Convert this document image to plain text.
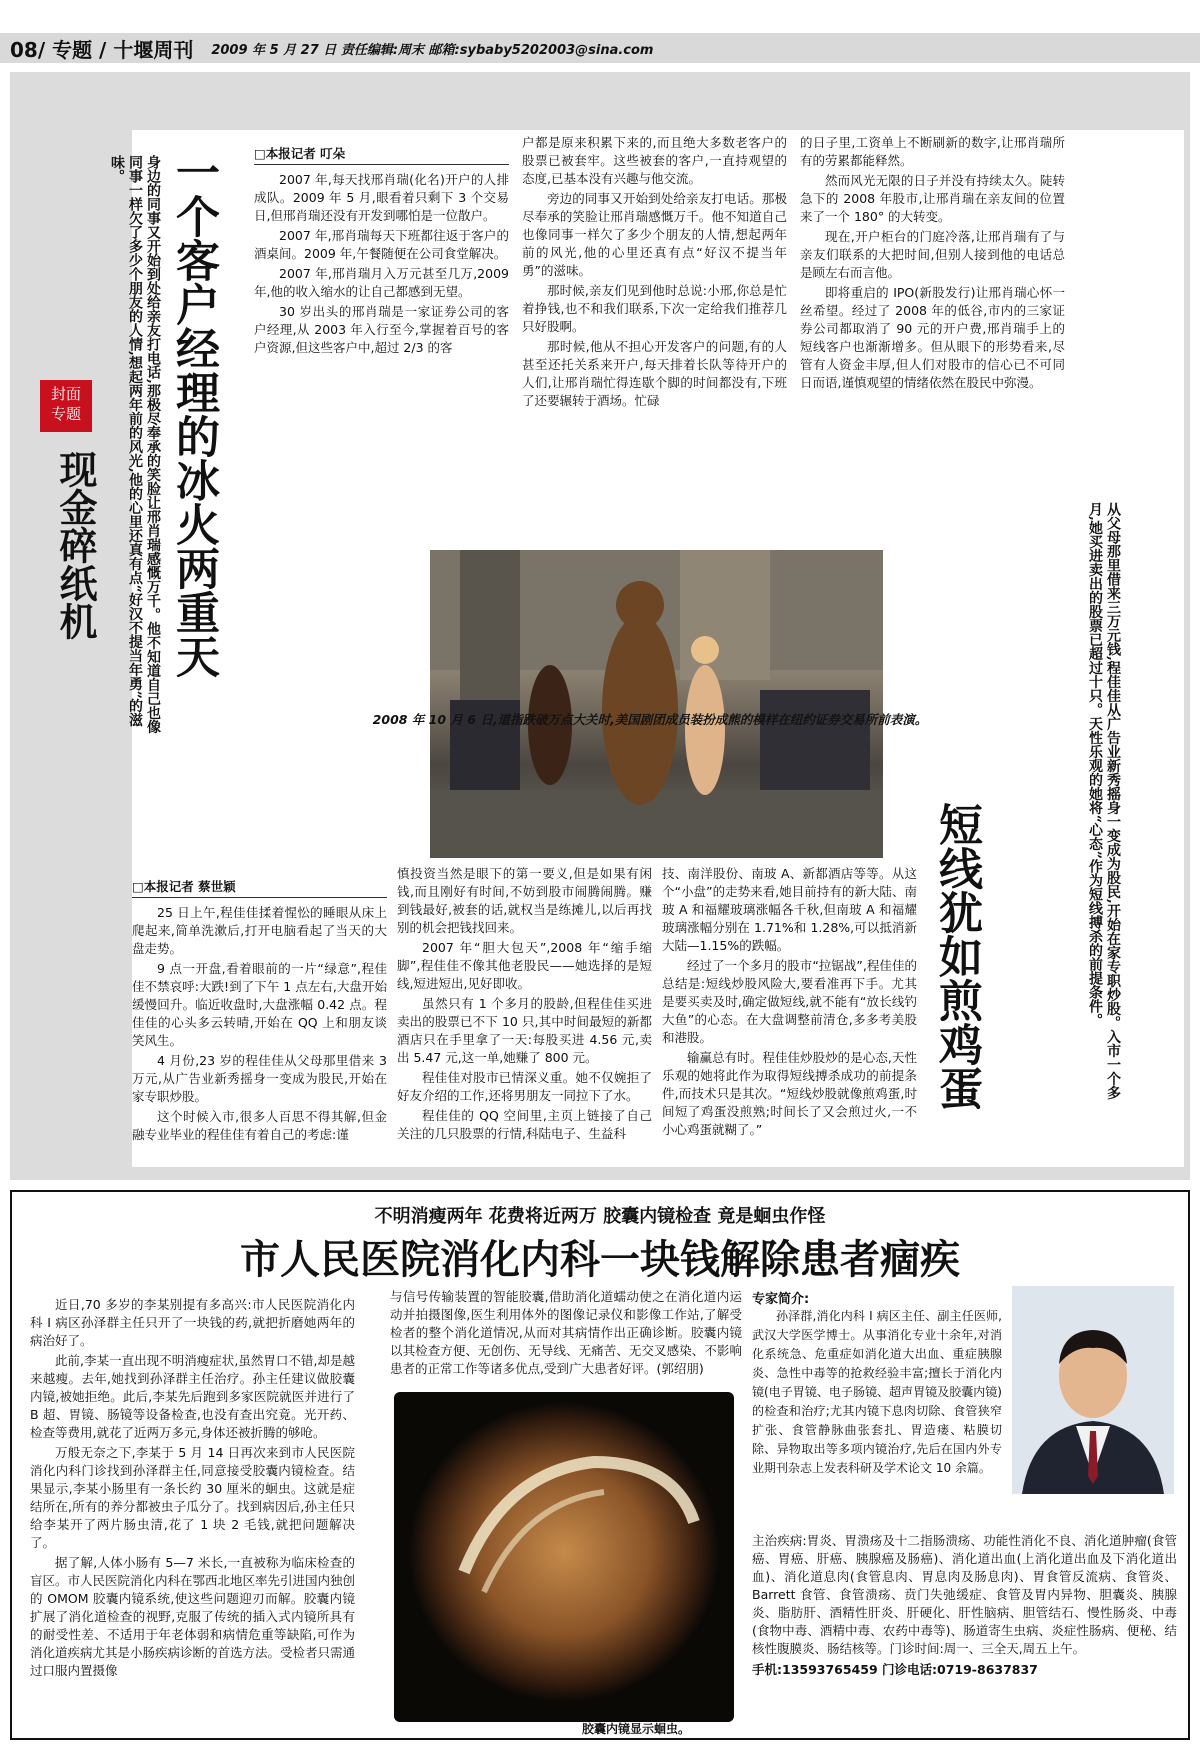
08/ 专题 / 十堰周刊 2009 年 5 月 27 日 责任编辑:周末 邮箱:sybaby5202003@sina.com
封面
专题
现金碎纸机 一个客户经理的冰火两重天
身边的同事又开始到处给亲友打电话,那极尽奉承的笑脸让邢肖瑞感慨万千。他不知道自己也像同事一样欠了多少个朋友的人情,想起两年前的风光,他的心里还真有点“好汉不提当年勇”的滋味。
□本报记者 叮朵

2007 年,每天找邢肖瑞(化名)开户的人排成队。2009 年 5 月,眼看着只剩下 3 个交易日,但邢肖瑞还没有开发到哪怕是一位散户。

2007 年,邢肖瑞每天下班都往返于客户的酒桌间。2009 年,午餐随便在公司食堂解决。

2007 年,邢肖瑞月入万元甚至几万,2009 年,他的收入缩水的让自己都感到无望。

30 岁出头的邢肖瑞是一家证券公司的客户经理,从 2003 年入行至今,掌握着百号的客户资源,但这些客户中,超过 2/3 的客

户都是原来积累下来的,而且绝大多数老客户的股票已被套牢。这些被套的客户,一直持观望的态度,已基本没有兴趣与他交流。

旁边的同事又开始到处给亲友打电话。那极尽奉承的笑脸让邢肖瑞感慨万千。他不知道自己也像同事一样欠了多少个朋友的人情,想起两年前的风光,他的心里还真有点“好汉不提当年勇”的滋味。

那时候,亲友们见到他时总说:小邢,你总是忙着挣钱,也不和我们联系,下次一定给我们推荐几只好股啊。

那时候,他从不担心开发客户的问题,有的人甚至还托关系来开户,每天排着长队等待开户的人们,让邢肖瑞忙得连歇个脚的时间都没有,下班了还要辗转于酒场。忙碌

的日子里,工资单上不断刷新的数字,让邢肖瑞所有的劳累都能释然。

然而风光无限的日子并没有持续太久。陡转急下的 2008 年股市,让邢肖瑞在亲友间的位置来了一个 180° 的大转变。

现在,开户柜台的门庭冷落,让邢肖瑞有了与亲友们联系的大把时间,但别人接到他的电话总是顾左右而言他。

即将重启的 IPO(新股发行)让邢肖瑞心怀一丝希望。经过了 2008 年的低谷,市内的三家证券公司都取消了 90 元的开户费,邢肖瑞手上的短线客户也渐渐增多。但从眼下的形势看来,尽管有人资金丰厚,但人们对股市的信心已不可同日而语,谨慎观望的情绪依然在股民中弥漫。

□本报记者 蔡世颖

25 日上午,程佳佳揉着惺忪的睡眼从床上爬起来,简单洗漱后,打开电脑看起了当天的大盘走势。

9 点一开盘,看着眼前的一片“绿意”,程佳佳不禁哀呼:大跌!到了下午 1 点左右,大盘开始缓慢回升。临近收盘时,大盘涨幅 0.42 点。程佳佳的心头多云转晴,开始在 QQ 上和朋友谈笑风生。

4 月份,23 岁的程佳佳从父母那里借来 3 万元,从广告业新秀摇身一变成为股民,开始在家专职炒股。

这个时候入市,很多人百思不得其解,但金融专业毕业的程佳佳有着自己的考虑:谨

慎投资当然是眼下的第一要义,但是如果有闲钱,而且刚好有时间,不妨到股市闹腾闹腾。赚到钱最好,被套的话,就权当是练摊儿,以后再找别的机会把钱找回来。

2007 年“胆大包天”,2008 年“缩手缩脚”,程佳佳不像其他老股民——她选择的是短线,短进短出,见好即收。

虽然只有 1 个多月的股龄,但程佳佳买进卖出的股票已不下 10 只,其中时间最短的新都酒店只在手里拿了一天:每股买进 4.56 元,卖出 5.47 元,这一单,她赚了 800 元。

程佳佳对股市已情深义重。她不仅婉拒了好友介绍的工作,还将男朋友一同拉下了水。

程佳佳的 QQ 空间里,主页上链接了自己关注的几只股票的行情,科陆电子、生益科

技、南洋股份、南玻 A、新都酒店等等。从这个“小盘”的走势来看,她目前持有的新大陆、南玻 A 和福耀玻璃涨幅各千秋,但南玻 A 和福耀玻璃涨幅分别在 1.71%和 1.28%,可以抵消新大陆—1.15%的跌幅。

经过了一个多月的股市“拉锯战”,程佳佳的总结是:短线炒股风险大,要看准再下手。尤其是要买卖及时,确定做短线,就不能有“放长线钓大鱼”的心态。在大盘调整前清仓,多多考美股和港股。

输赢总有时。程佳佳炒股炒的是心态,天性乐观的她将此作为取得短线搏杀成功的前提条件,而技术只是其次。“短线炒股就像煎鸡蛋,时间短了鸡蛋没煎熟;时间长了又会煎过火,一不小心鸡蛋就糊了。”

短线犹如煎鸡蛋	从父母那里借来三万元钱,程佳佳从广告业新秀摇身一变成为股民,开始在家专职炒股。入市一个多月,她买进卖出的股票已超过十只。天性乐观的她将“心态”作为短线搏杀的前提条件。
2008 年 10 月 6 日,道指跌破万点大关时,美国剧团成员装扮成熊的模样在纽约证券交易所前表演。
不明消瘦两年 花费将近两万 胶囊内镜检查 竟是蛔虫作怪
市人民医院消化内科一块钱解除患者痼疾

近日,70 多岁的李某别提有多高兴:市人民医院消化内科 I 病区孙泽群主任只开了一块钱的药,就把折磨她两年的病治好了。

此前,李某一直出现不明消瘦症状,虽然胃口不错,却是越来越瘦。去年,她找到孙泽群主任治疗。孙主任建议做胶囊内镜,被她拒绝。此后,李某先后跑到多家医院就医并进行了 B 超、胃镜、肠镜等设备检查,也没有查出究竟。光开药、检查等费用,就花了近两万多元,身体还被折腾的够呛。

万般无奈之下,李某于 5 月 14 日再次来到市人民医院消化内科门诊找到孙泽群主任,同意接受胶囊内镜检查。结果显示,李某小肠里有一条长约 30 厘米的蛔虫。这就是症结所在,所有的养分都被虫子瓜分了。找到病因后,孙主任只给李某开了两片肠虫清,花了 1 块 2 毛钱,就把问题解决了。

据了解,人体小肠有 5—7 米长,一直被称为临床检查的盲区。市人民医院消化内科在鄂西北地区率先引进国内独创的 OMOM 胶囊内镜系统,使这些问题迎刃而解。胶囊内镜扩展了消化道检查的视野,克服了传统的插入式内镜所具有的耐受性差、不适用于年老体弱和病情危重等缺陷,可作为消化道疾病尤其是小肠疾病诊断的首选方法。受检者只需通过口服内置摄像

与信号传输装置的智能胶囊,借助消化道蠕动使之在消化道内运动并拍摄图像,医生利用体外的图像记录仪和影像工作站,了解受检者的整个消化道情况,从而对其病情作出正确诊断。胶囊内镜以其检查方便、无创伤、无导线、无痛苦、无交叉感染、不影响患者的正常工作等诸多优点,受到广大患者好评。(郭绍朋)

胶囊内镜显示蛔虫。
专家简介:

孙泽群,消化内科 I 病区主任、副主任医师,武汉大学医学博士。从事消化专业十余年,对消化系统急、危重症如消化道大出血、重症胰腺炎、急性中毒等的抢救经验丰富;擅长于消化内镜(电子胃镜、电子肠镜、超声胃镜及胶囊内镜)的检查和治疗;尤其内镜下息肉切除、食管狭窄扩张、食管静脉曲张套扎、胃造瘘、粘膜切除、异物取出等多项内镜治疗,先后在国内外专业期刊杂志上发表科研及学术论文 10 余篇。

主治疾病:胃炎、胃溃疡及十二指肠溃疡、功能性消化不良、消化道肿瘤(食管癌、胃癌、肝癌、胰腺癌及肠癌)、消化道出血(上消化道出血及下消化道出血)、消化道息肉(食管息肉、胃息肉及肠息肉)、胃食管反流病、食管炎、Barrett 食管、食管溃疡、贲门失弛缓症、食管及胃内异物、胆囊炎、胰腺炎、脂肪肝、酒精性肝炎、肝硬化、肝性脑病、胆管结石、慢性肠炎、中毒(食物中毒、酒精中毒、农药中毒等)、肠道寄生虫病、炎症性肠病、便秘、结核性腹膜炎、肠结核等。门诊时间:周一、三全天,周五上午。

手机:13593765459 门诊电话:0719-8637837
